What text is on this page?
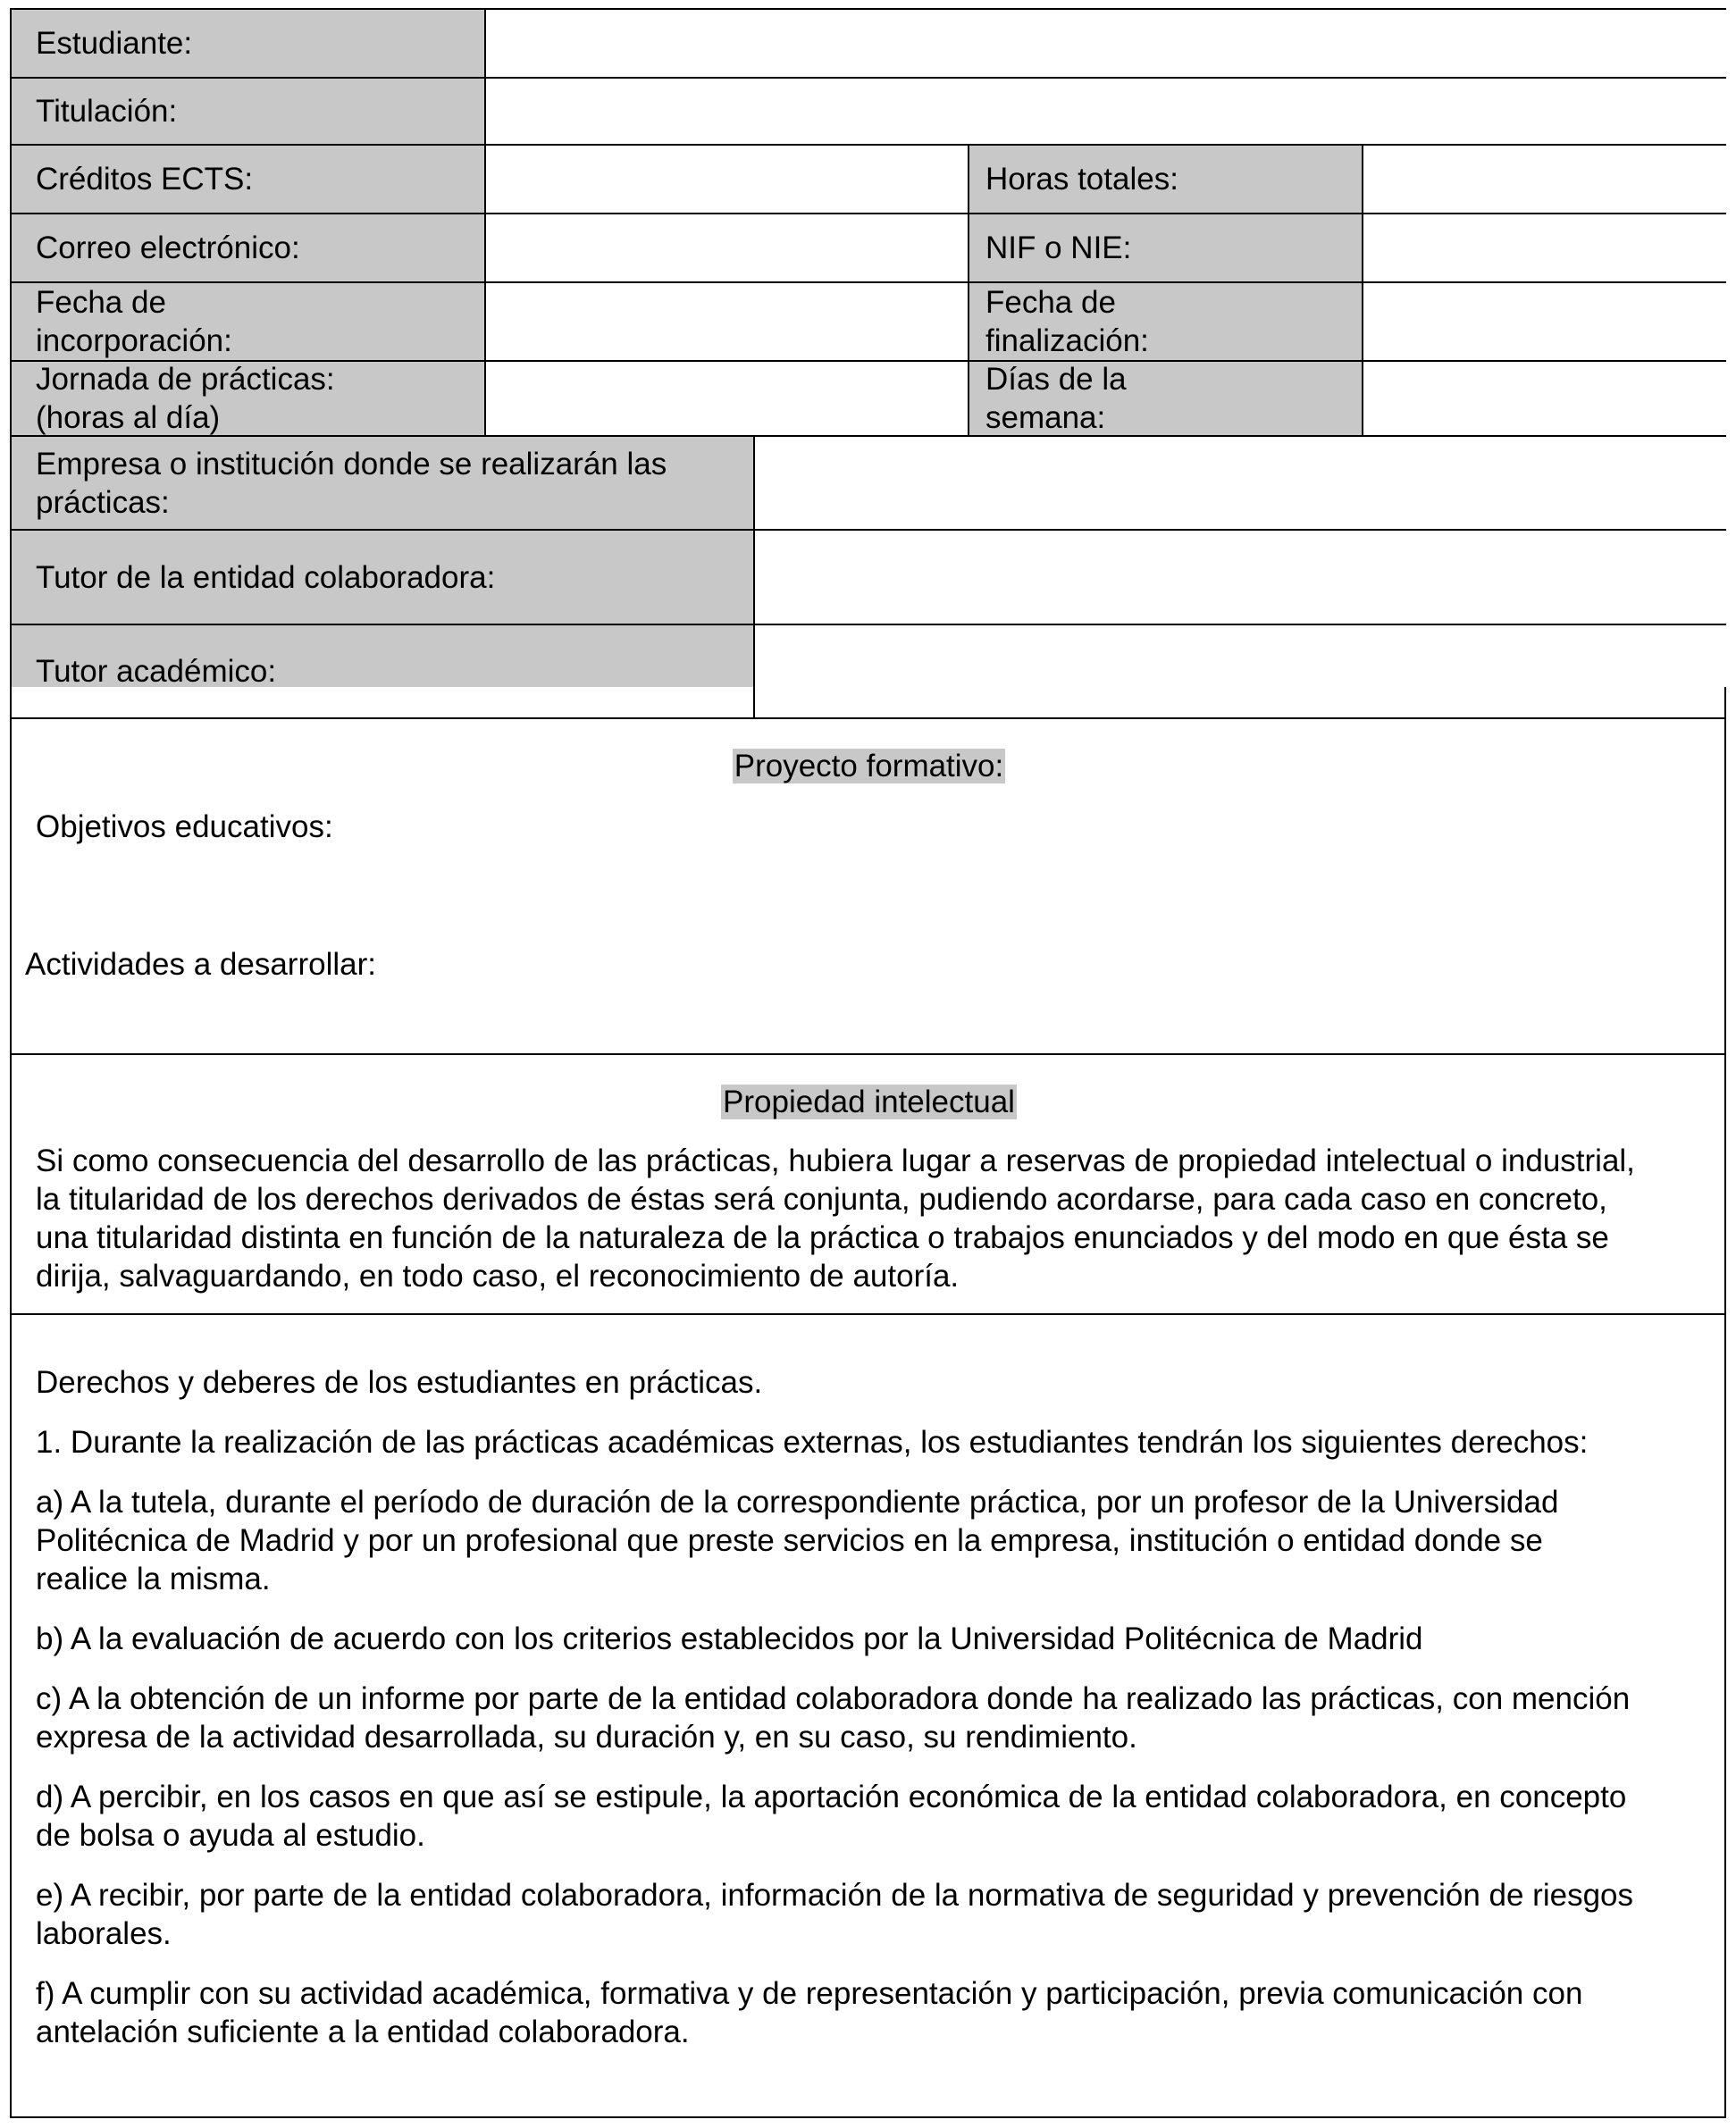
Estudiante:
Titulación:
Créditos ECTS:
Correo electrónico:
Fecha de
incorporación:
Jornada de prácticas:
(horas al día)
Horas totales:
NIF o NIE:
Fecha de
finalización:
Días de la
semana:
Empresa o institución donde se realizarán las
prácticas:
Tutor de la entidad colaboradora:
Tutor académico:
Proyecto formativo:
Objetivos educativos:
Actividades a desarrollar:
Propiedad intelectual
Si como consecuencia del desarrollo de las prácticas, hubiera lugar a reservas de propiedad intelectual o industrial,
la titularidad de los derechos derivados de éstas será conjunta, pudiendo acordarse, para cada caso en concreto,
una titularidad distinta en función de la naturaleza de la práctica o trabajos enunciados y del modo en que ésta se
dirija, salvaguardando, en todo caso, el reconocimiento de autoría.
Derechos y deberes de los estudiantes en prácticas.
1. Durante la realización de las prácticas académicas externas, los estudiantes tendrán los siguientes derechos:
a) A la tutela, durante el período de duración de la correspondiente práctica, por un profesor de la Universidad
Politécnica de Madrid y por un profesional que preste servicios en la empresa, institución o entidad donde se
realice la misma.
b) A la evaluación de acuerdo con los criterios establecidos por la Universidad Politécnica de Madrid
c) A la obtención de un informe por parte de la entidad colaboradora donde ha realizado las prácticas, con mención
expresa de la actividad desarrollada, su duración y, en su caso, su rendimiento.
d) A percibir, en los casos en que así se estipule, la aportación económica de la entidad colaboradora, en concepto
de bolsa o ayuda al estudio.
e) A recibir, por parte de la entidad colaboradora, información de la normativa de seguridad y prevención de riesgos
laborales.
f) A cumplir con su actividad académica, formativa y de representación y participación, previa comunicación con
antelación suficiente a la entidad colaboradora.
